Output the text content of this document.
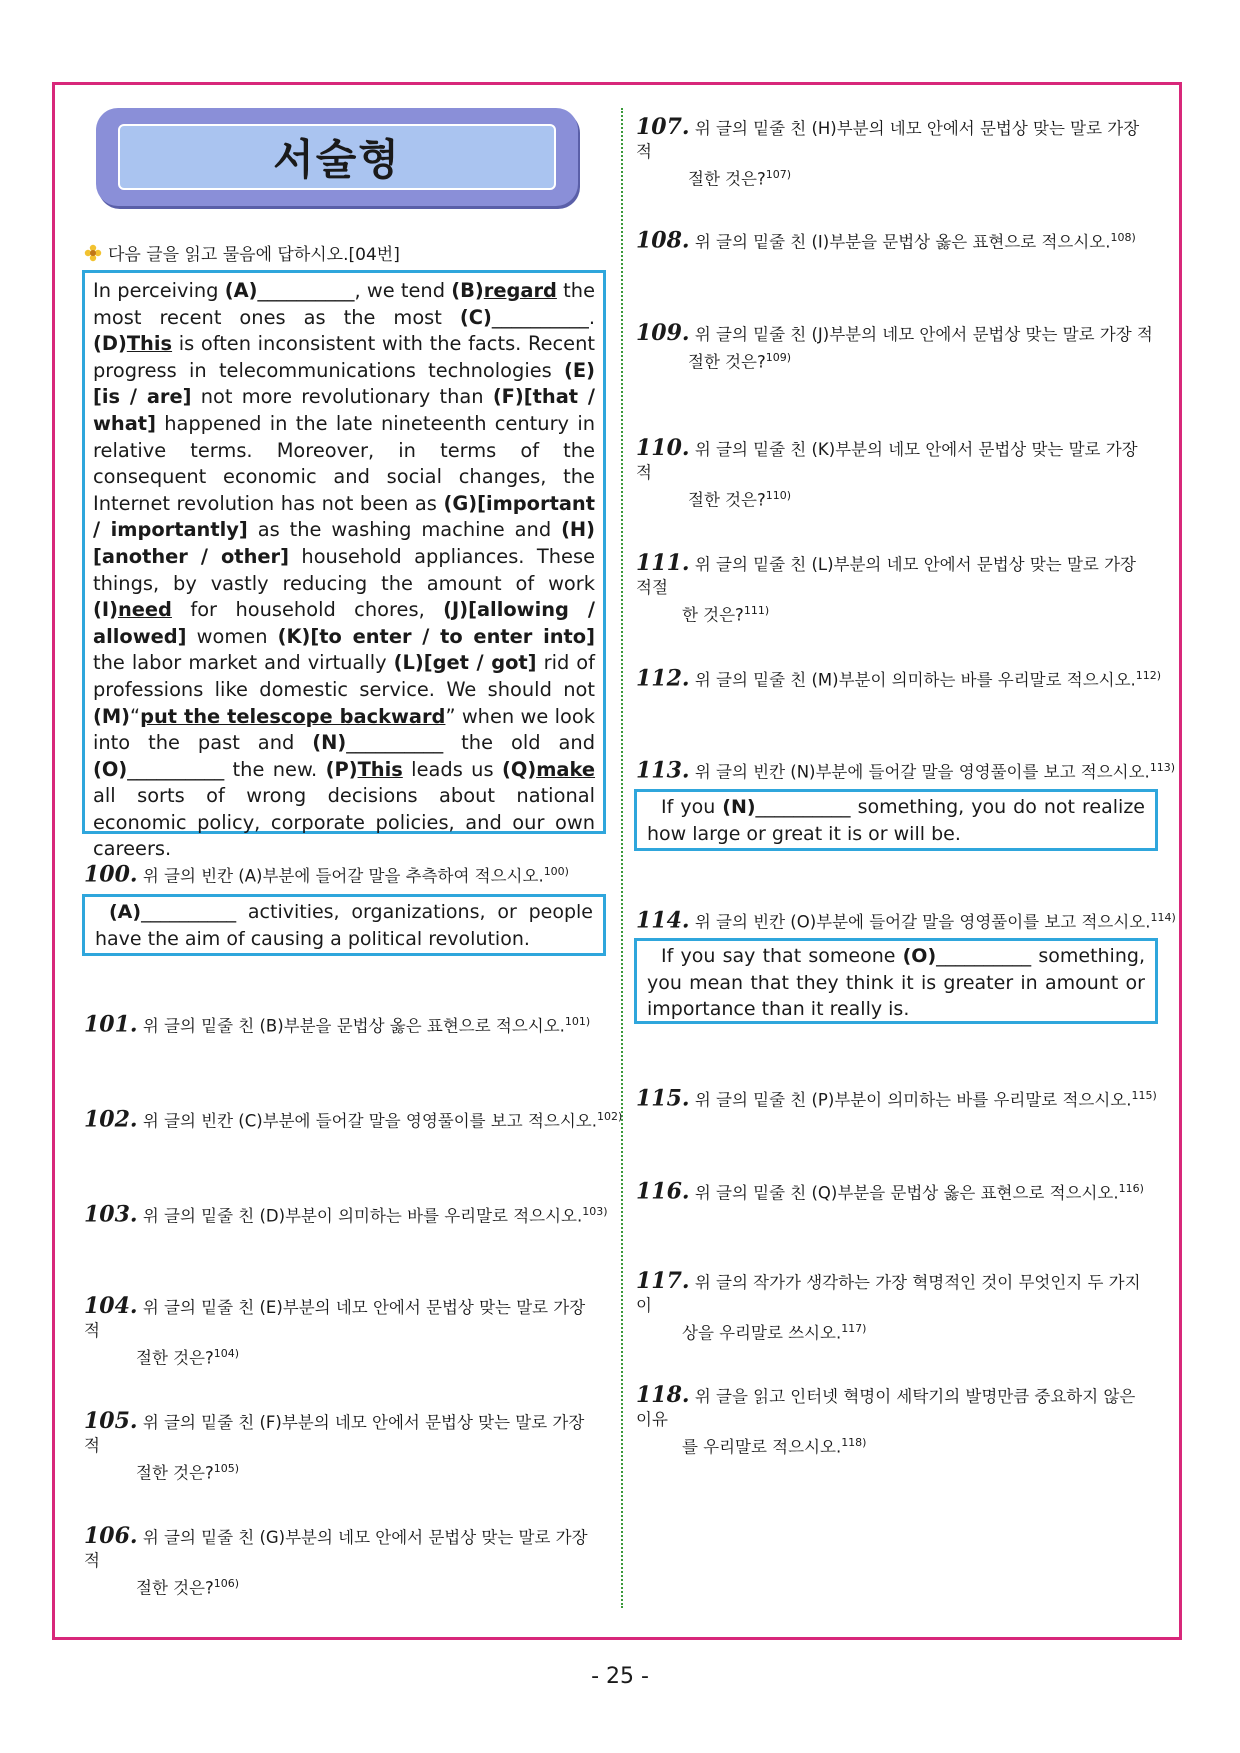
서술형
다음 글을 읽고 물음에 답하시오.[04번]
In perceiving (A)__________, we tend (B)regard the most recent ones as the most (C)__________. (D)This is often inconsistent with the facts. Recent progress in telecommunications technologies (E)[is / are] not more revolutionary than (F)[that / what] happened in the late nineteenth century in relative terms. Moreover, in terms of the consequent economic and social changes, the Internet revolution has not been as (G)[important / importantly] as the washing machine and (H)[another / other] household appliances. These things, by vastly reducing the amount of work (I)need for household chores, (J)[allowing / allowed] women (K)[to enter / to enter into] the labor market and virtually (L)[get / got] rid of professions like domestic service. We should not (M)“put the telescope backward” when we look into the past and (N)__________ the old and (O)__________ the new. (P)This leads us (Q)make all sorts of wrong decisions about national economic policy, corporate policies, and our own careers.
100. 위 글의 빈칸 (A)부분에 들어갈 말을 추측하여 적으시오.$^{100)}$
(A)__________ activities, organizations, or people have the aim of causing a political revolution.
101. 위 글의 밑줄 친 (B)부분을 문법상 옳은 표현으로 적으시오.$^{101)}$
102. 위 글의 빈칸 (C)부분에 들어갈 말을 영영풀이를 보고 적으시오.$^{102)}$
103. 위 글의 밑줄 친 (D)부분이 의미하는 바를 우리말로 적으시오.$^{103)}$
104. 위 글의 밑줄 친 (E)부분의 네모 안에서 문법상 맞는 말로 가장 적
절한 것은?$^{104)}$
105. 위 글의 밑줄 친 (F)부분의 네모 안에서 문법상 맞는 말로 가장 적
절한 것은?$^{105)}$
106. 위 글의 밑줄 친 (G)부분의 네모 안에서 문법상 맞는 말로 가장 적
절한 것은?$^{106)}$
107. 위 글의 밑줄 친 (H)부분의 네모 안에서 문법상 맞는 말로 가장 적
절한 것은?$^{107)}$
108. 위 글의 밑줄 친 (I)부분을 문법상 옳은 표현으로 적으시오.$^{108)}$
109. 위 글의 밑줄 친 (J)부분의 네모 안에서 문법상 맞는 말로 가장 적
절한 것은?$^{109)}$
110. 위 글의 밑줄 친 (K)부분의 네모 안에서 문법상 맞는 말로 가장 적
절한 것은?$^{110)}$
111. 위 글의 밑줄 친 (L)부분의 네모 안에서 문법상 맞는 말로 가장 적절
한 것은?$^{111)}$
112. 위 글의 밑줄 친 (M)부분이 의미하는 바를 우리말로 적으시오.$^{112)}$
113. 위 글의 빈칸 (N)부분에 들어갈 말을 영영풀이를 보고 적으시오.$^{113)}$
If you (N)__________ something, you do not realize how large or great it is or will be.
114. 위 글의 빈칸 (O)부분에 들어갈 말을 영영풀이를 보고 적으시오.$^{114)}$
If you say that someone (O)__________ something, you mean that they think it is greater in amount or importance than it really is.
115. 위 글의 밑줄 친 (P)부분이 의미하는 바를 우리말로 적으시오.$^{115)}$
116. 위 글의 밑줄 친 (Q)부분을 문법상 옳은 표현으로 적으시오.$^{116)}$
117. 위 글의 작가가 생각하는 가장 혁명적인 것이 무엇인지 두 가지 이
상을 우리말로 쓰시오.$^{117)}$
118. 위 글을 읽고 인터넷 혁명이 세탁기의 발명만큼 중요하지 않은 이유
를 우리말로 적으시오.$^{118)}$
- 25 -
